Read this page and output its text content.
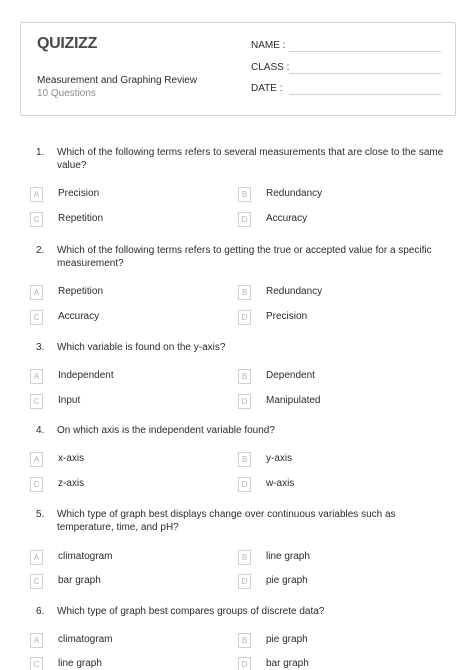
QUIZIZZ
Measurement and Graphing Review
10 Questions
NAME :
CLASS :
DATE :
1.	Which of the following terms refers to several measurements that are close to the same
value?
A	Precision	B	Redundancy
C	Repetition	D	Accuracy
2.	Which of the following terms refers to getting the true or accepted value for a specific
measurement?
A	Repetition	B	Redundancy
C	Accuracy	D	Precision
3.	Which variable is found on the y-axis?
A	Independent	B	Dependent
C	Input	D	Manipulated
4.	On which axis is the independent variable found?
A	x-axis	B	y-axis
C	z-axis	D	w-axis
5.	Which type of graph best displays change over continuous variables such as
temperature, time, and pH?
A	climatogram	B	line graph
C	bar graph	D	pie graph
6.	Which type of graph best compares groups of discrete data?
A	climatogram	B	pie graph
C	line graph	D	bar graph
